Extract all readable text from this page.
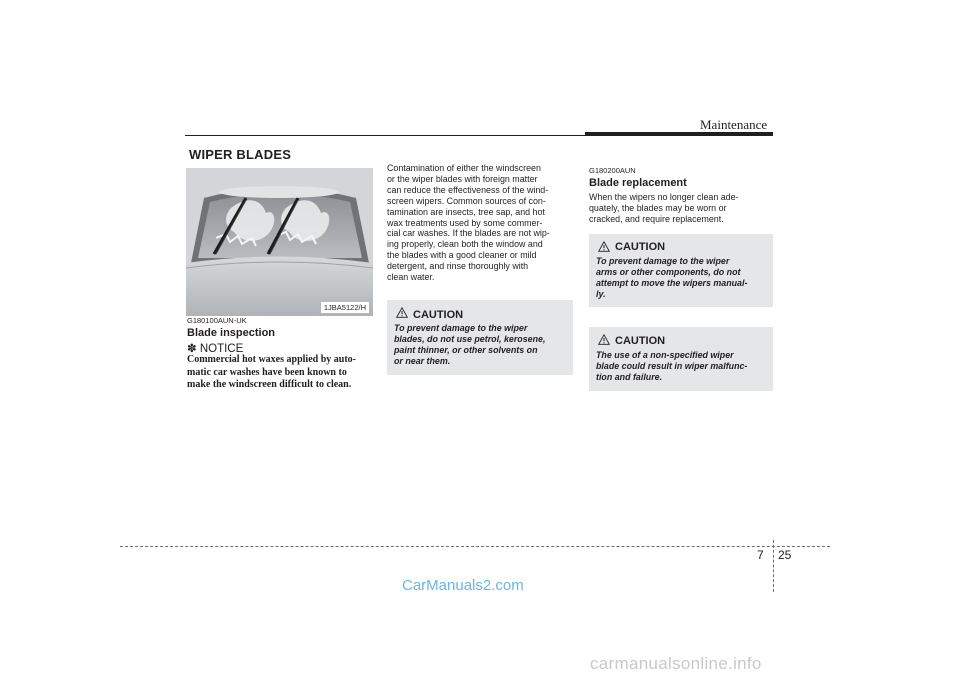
Maintenance
WIPER BLADES
1JBA5122/H
G180100AUN-UK
Blade inspection
✽ NOTICE
Commercial hot waxes applied by auto-
matic car washes have been known to
make the windscreen difficult to clean.
Contamination of either the windscreen
or the wiper blades with foreign matter
can reduce the effectiveness of the wind-
screen wipers. Common sources of con-
tamination are insects, tree sap, and hot
wax treatments used by some commer-
cial car washes. If the blades are not wip-
ing properly, clean both the window and
the blades with a good cleaner or mild
detergent, and rinse thoroughly with
clean water.
CAUTION
To prevent damage to the wiper
blades, do not use petrol, kerosene,
paint thinner, or other solvents on
or near them.
G180200AUN
Blade replacement
When the wipers no longer clean ade-
quately, the blades may be worn or
cracked, and require replacement.
CAUTION
To prevent damage to the wiper
arms or other components, do not
attempt to move the wipers manual-
ly.
CAUTION
The use of a non-specified wiper
blade could result in wiper malfunc-
tion and failure.
7 25
CarManuals2.com
carmanualsonline.info
